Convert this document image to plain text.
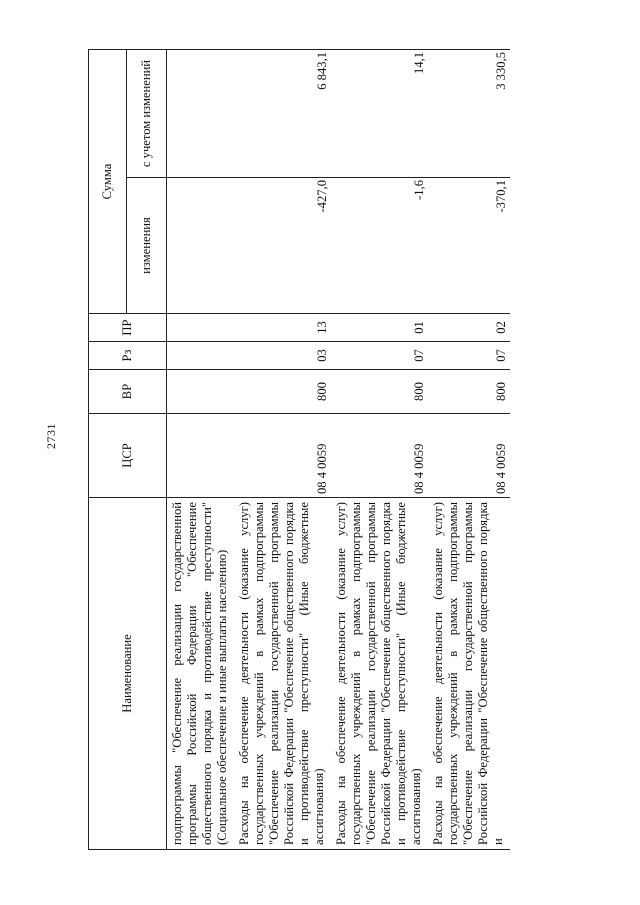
2731
Наименование	ЦСР	ВР	Рз	ПР	Сумма	
					изменения	с учетом изменений
подпрограммы "Обеспечение реализации государственной программы Российской Федерации "Обеспечение общественного порядка и противодействие преступности" (Социальное обеспечение и иные выплаты населению)						
Расходы на обеспечение деятельности (оказание услуг) государственных учреждений в рамках подпрограммы "Обеспечение реализации государственной программы Российской Федерации "Обеспечение общественного порядка и противодействие преступности" (Иные бюджетные ассигнования)	08 4 0059	800	03	13	-427,0	6 843,1
Расходы на обеспечение деятельности (оказание услуг) государственных учреждений в рамках подпрограммы "Обеспечение реализации государственной программы Российской Федерации "Обеспечение общественного порядка и противодействие преступности" (Иные бюджетные ассигнования)	08 4 0059	800	07	01	-1,6	14,1
Расходы на обеспечение деятельности (оказание услуг) государственных учреждений в рамках подпрограммы "Обеспечение реализации государственной программы Российской Федерации "Обеспечение общественного порядка и	08 4 0059	800	07	02	-370,1	3 330,5
